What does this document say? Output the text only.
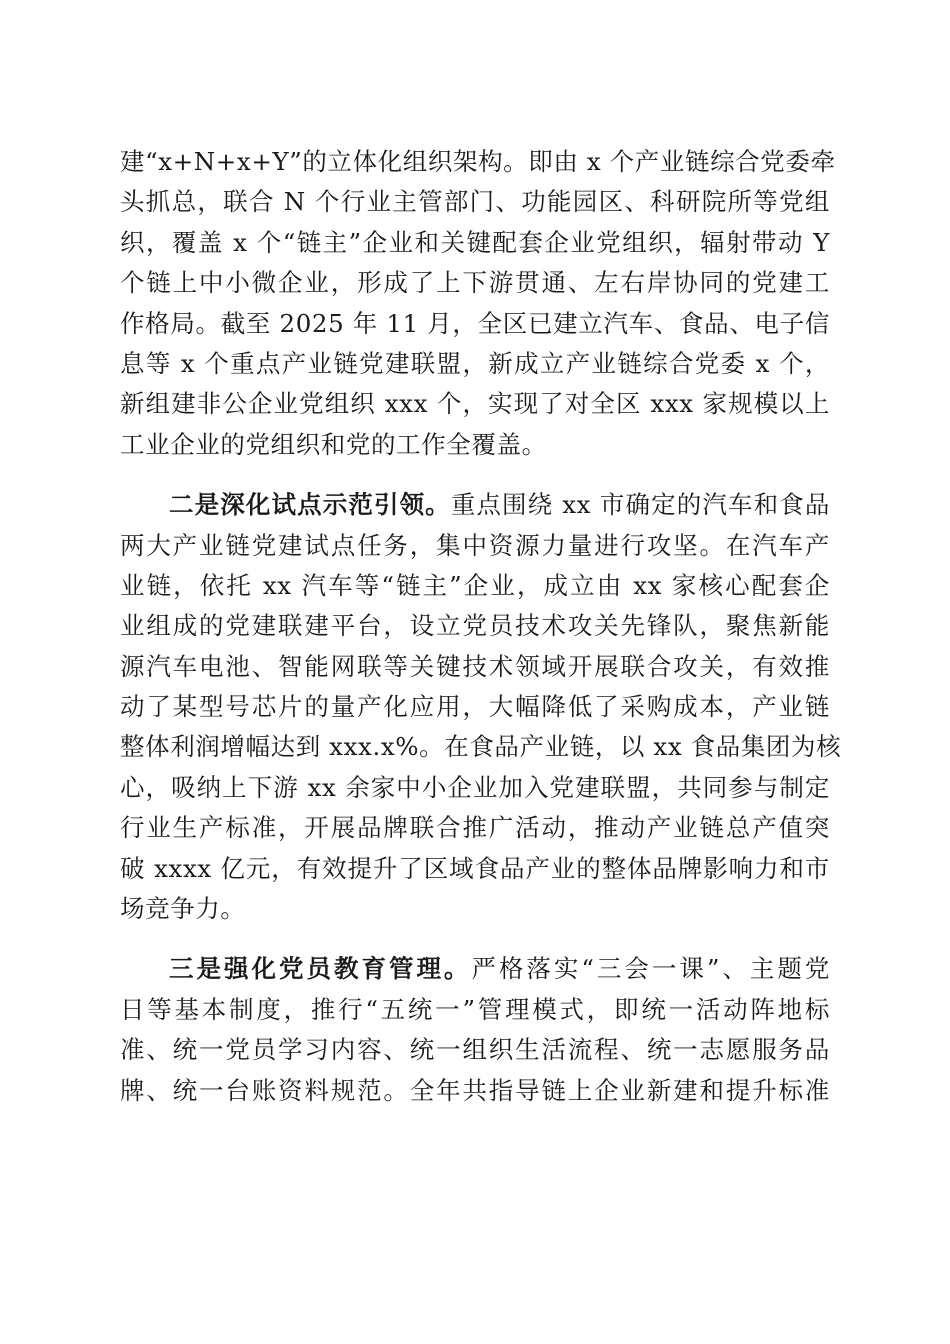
建“x+N+x+Y”的立体化组织架构。即由 x 个产业链综合党委牵
头抓总，联合 N 个行业主管部门、功能园区、科研院所等党组
织，覆盖 x 个“链主”企业和关键配套企业党组织，辐射带动 Y
个链上中小微企业，形成了上下游贯通、左右岸协同的党建工
作格局。截至 2025 年 11 月，全区已建立汽车、食品、电子信
息等 x 个重点产业链党建联盟，新成立产业链综合党委 x 个，
新组建非公企业党组织 xxx 个，实现了对全区 xxx 家规模以上
工业企业的党组织和党的工作全覆盖。
二是深化试点示范引领。重点围绕 xx 市确定的汽车和食品
两大产业链党建试点任务，集中资源力量进行攻坚。在汽车产
业链，依托 xx 汽车等“链主”企业，成立由 xx 家核心配套企
业组成的党建联建平台，设立党员技术攻关先锋队，聚焦新能
源汽车电池、智能网联等关键技术领域开展联合攻关，有效推
动了某型号芯片的量产化应用，大幅降低了采购成本，产业链
整体利润增幅达到 xxx.x%。在食品产业链，以 xx 食品集团为核
心，吸纳上下游 xx 余家中小企业加入党建联盟，共同参与制定
行业生产标准，开展品牌联合推广活动，推动产业链总产值突
破 xxxx 亿元，有效提升了区域食品产业的整体品牌影响力和市
场竞争力。
三是强化党员教育管理。严格落实“三会一课”、主题党
日等基本制度，推行“五统一”管理模式，即统一活动阵地标
准、统一党员学习内容、统一组织生活流程、统一志愿服务品
牌、统一台账资料规范。全年共指导链上企业新建和提升标准
